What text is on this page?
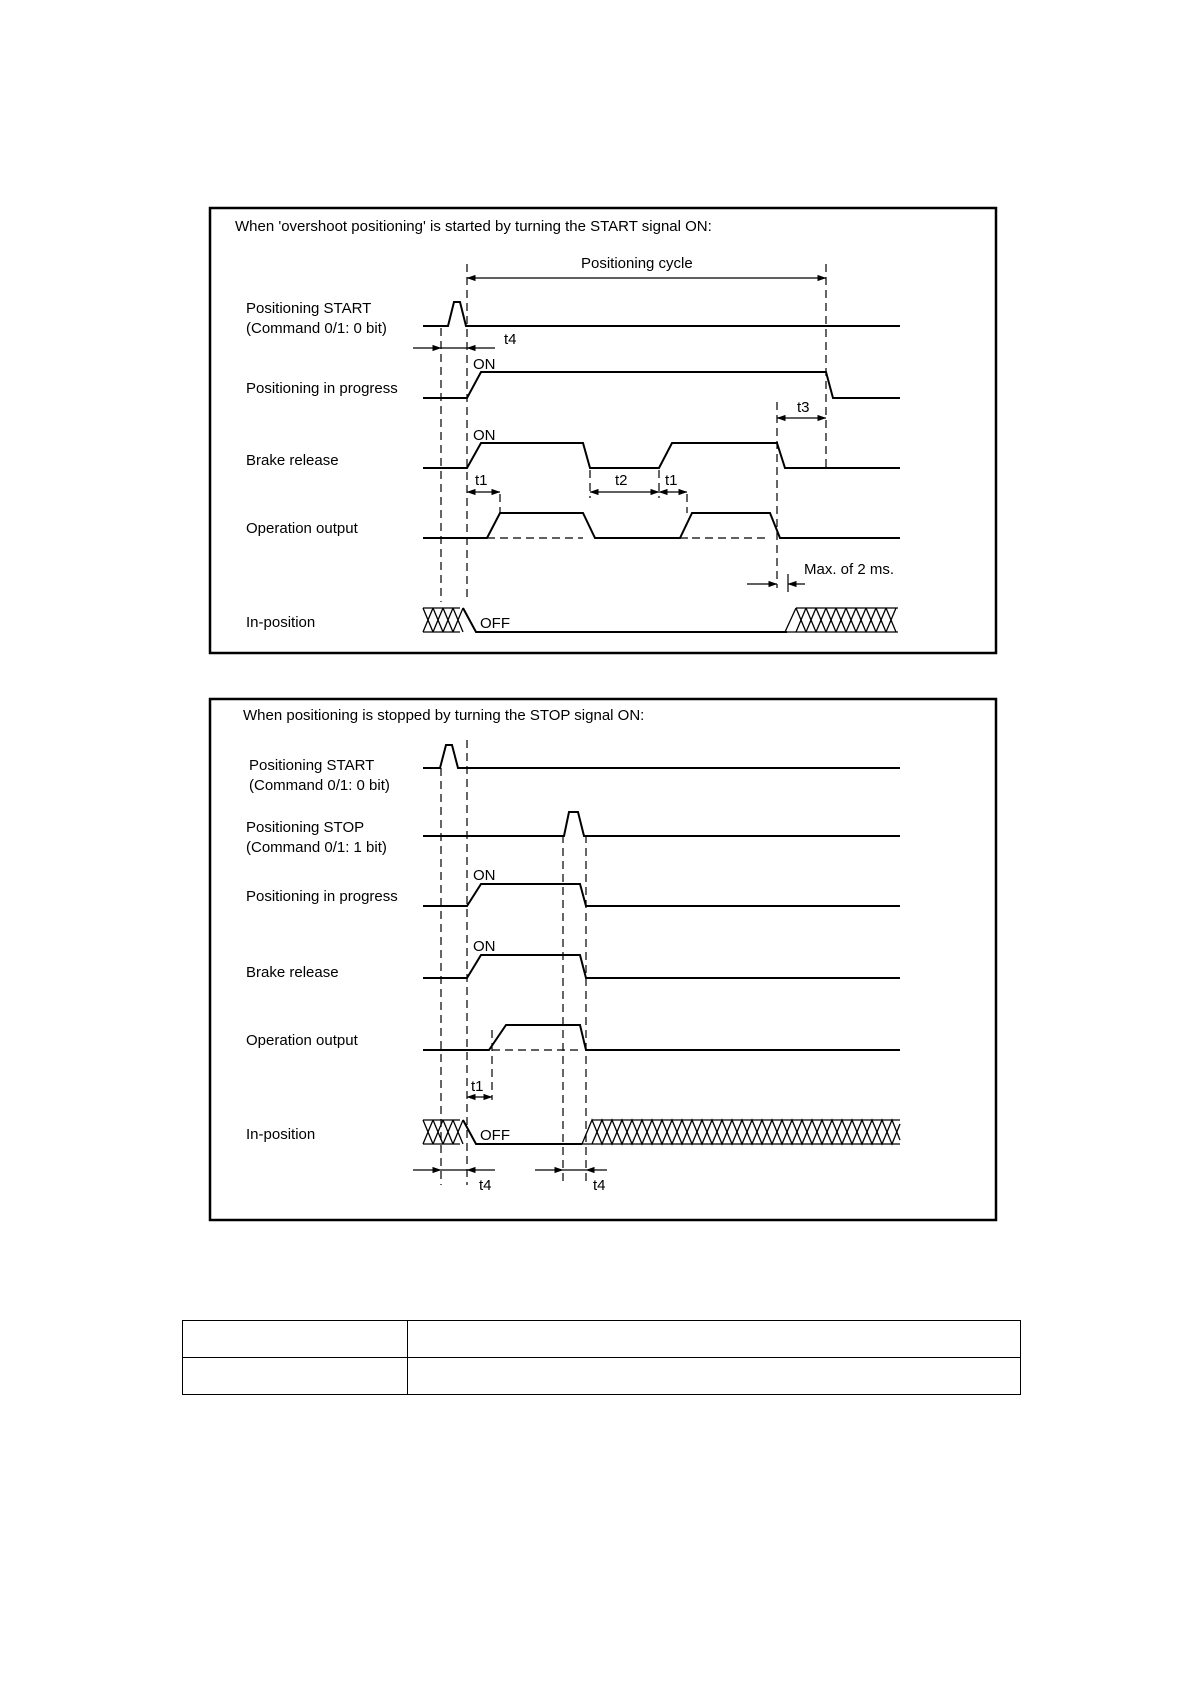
When 'overshoot positioning' is started by turning the START signal ON:
Positioning START
(Command 0/1: 0 bit)
Positioning in progress
Brake release
Operation output
In-position
Positioning cycle
t4
ON
t3
ON
t1	t2 t1
Max. of 2 ms.
OFF
When positioning is stopped by turning the STOP signal ON:
Positioning START
(Command 0/1: 0 bit)
Positioning STOP
(Command 0/1: 1 bit)
Positioning in progress
Brake release
Operation output
In-position
ON
ON
t1
OFF
t4	t4
